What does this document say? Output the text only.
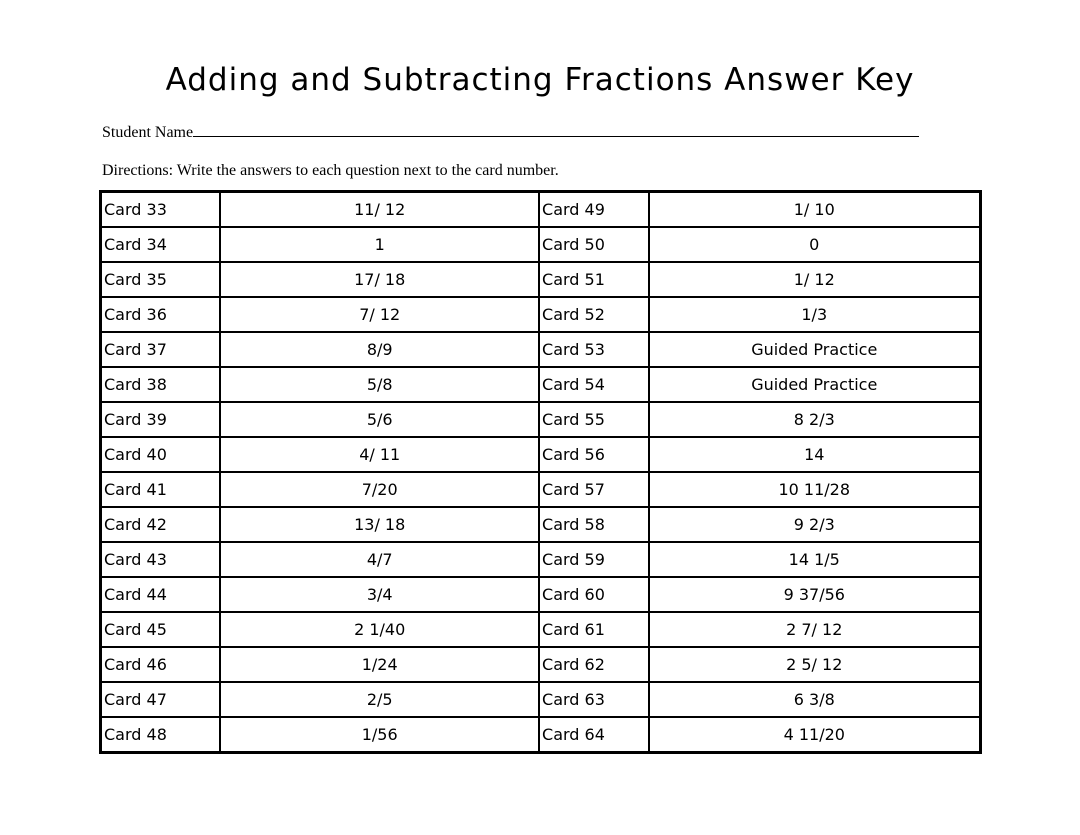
Adding and Subtracting Fractions Answer Key
Student Name
Directions: Write the answers to each question next to the card number.
Card 33	11/ 12	Card 49	1/ 10
Card 34	1	Card 50	0
Card 35	17/ 18	Card 51	1/ 12
Card 36	7/ 12	Card 52	1/3
Card 37	8/9	Card 53	Guided Practice
Card 38	5/8	Card 54	Guided Practice
Card 39	5/6	Card 55	8 2/3
Card 40	4/ 11	Card 56	14
Card 41	7/20	Card 57	10 11/28
Card 42	13/ 18	Card 58	9 2/3
Card 43	4/7	Card 59	14 1/5
Card 44	3/4	Card 60	9 37/56
Card 45	2 1/40	Card 61	2 7/ 12
Card 46	1/24	Card 62	2 5/ 12
Card 47	2/5	Card 63	6 3/8
Card 48	1/56	Card 64	4 11/20
